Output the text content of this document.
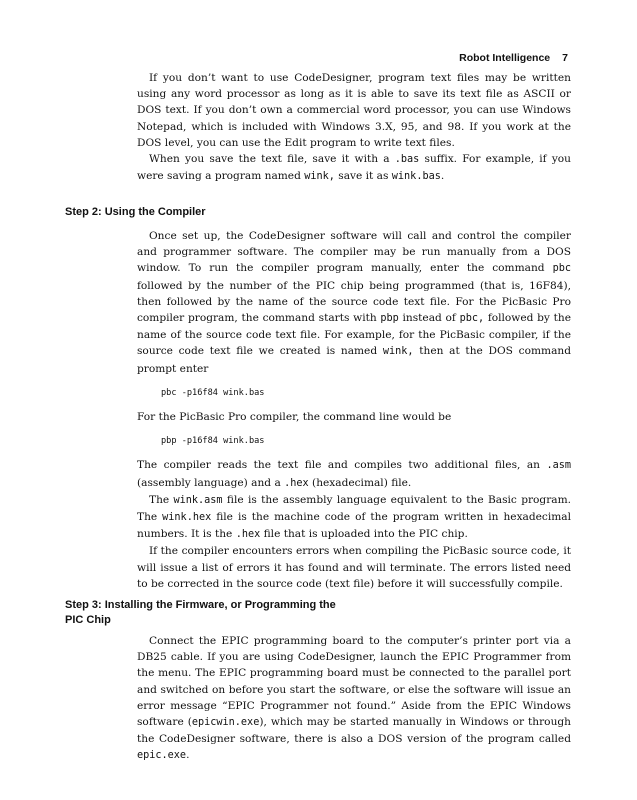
Robot Intelligence 7

If you don’t want to use CodeDesigner, program text files may be written using any word processor as long as it is able to save its text file as ASCII or DOS text. If you don’t own a commercial word processor, you can use Windows Notepad, which is included with Windows 3.X, 95, and 98. If you work at the DOS level, you can use the Edit program to write text files.

When you save the text file, save it with a .bas suffix. For example, if you were saving a program named wink, save it as wink.bas.

Step 2: Using the Compiler

Once set up, the CodeDesigner software will call and control the compiler and programmer software. The compiler may be run manually from a DOS window. To run the compiler program manually, enter the command pbc followed by the number of the PIC chip being programmed (that is, 16F84), then followed by the name of the source code text file. For the PicBasic Pro compiler program, the command starts with pbp instead of pbc, followed by the name of the source code text file. For example, for the PicBasic compiler, if the source code text file we created is named wink, then at the DOS command prompt enter

pbc -p16f84 wink.bas

For the PicBasic Pro compiler, the command line would be

pbp -p16f84 wink.bas

The compiler reads the text file and compiles two additional files, an .asm (assembly language) and a .hex (hexadecimal) file.

The wink.asm file is the assembly language equivalent to the Basic program. The wink.hex file is the machine code of the program written in hexadecimal numbers. It is the .hex file that is uploaded into the PIC chip.

If the compiler encounters errors when compiling the PicBasic source code, it will issue a list of errors it has found and will terminate. The errors listed need to be corrected in the source code (text file) before it will successfully compile.

Step 3: Installing the Firmware, or Programming the
PIC Chip

Connect the EPIC programming board to the computer’s printer port via a DB25 cable. If you are using CodeDesigner, launch the EPIC Programmer from the menu. The EPIC programming board must be connected to the parallel port and switched on before you start the software, or else the software will issue an error message “EPIC Programmer not found.” Aside from the EPIC Windows software (epicwin.exe), which may be started manually in Windows or through the CodeDesigner software, there is also a DOS version of the program called epic.exe.
